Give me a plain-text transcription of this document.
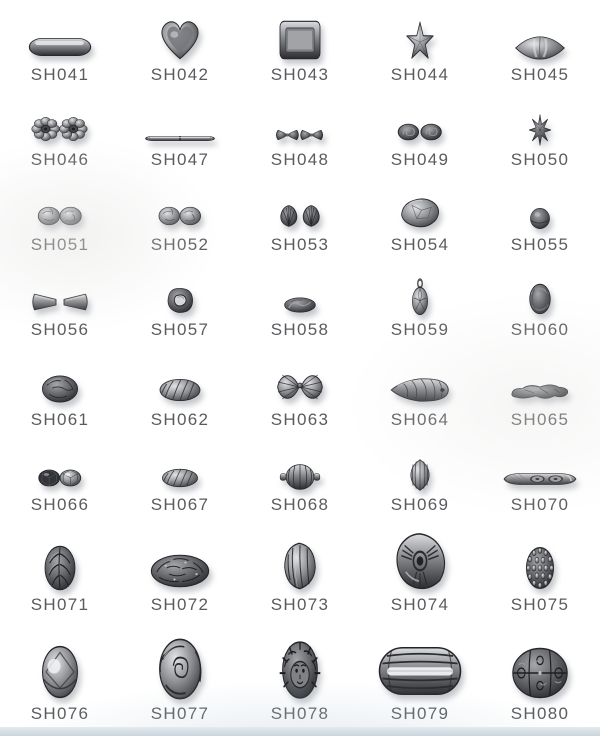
SH041	SH042	SH043	SH044	SH045
SH046	SH047	SH048	SH049	SH050
SH051	SH052	SH053	SH054	SH055
SH056	SH057	SH058	SH059	SH060
SH061	SH062	SH063	SH064	SH065
SH066	SH067	SH068	SH069	SH070
SH071	SH072	SH073	SH074	SH075
SH076	SH077	SH078	SH079	SH080
